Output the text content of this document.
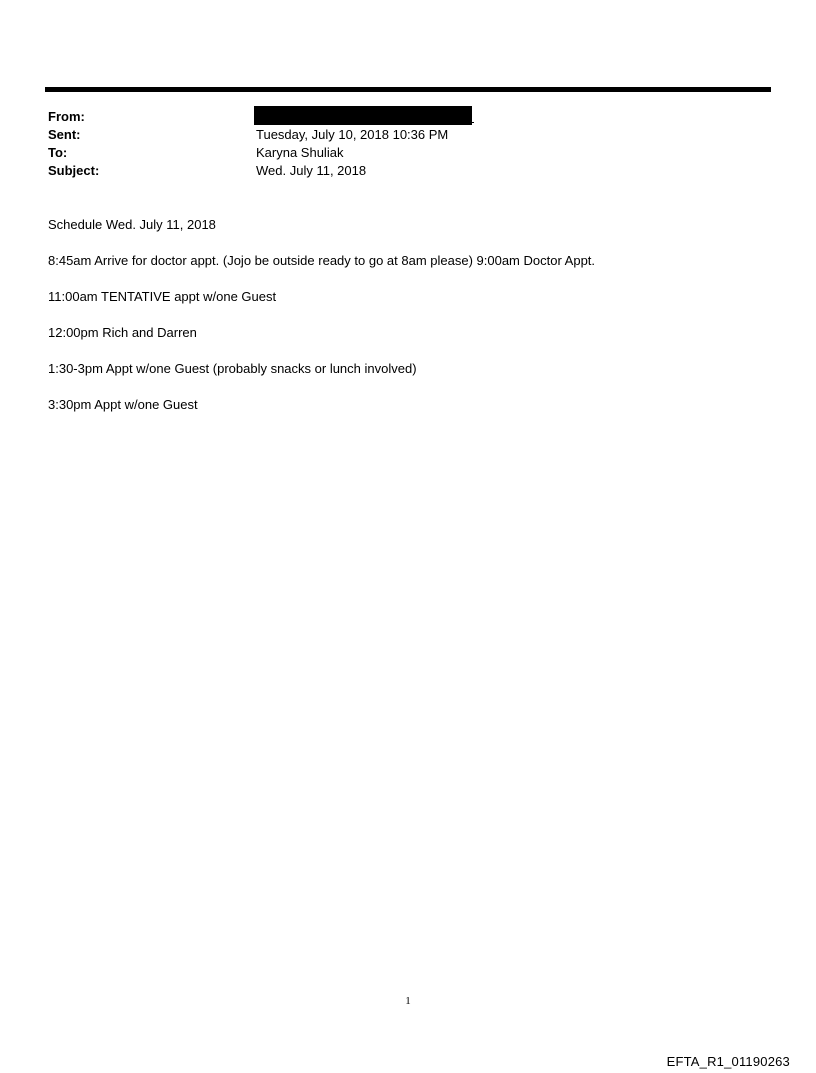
From:
Sent:	Tuesday, July 10, 2018 10:36 PM
To:	Karyna Shuliak
Subject:	Wed. July 11, 2018

Schedule Wed. July 11, 2018

8:45am Arrive for doctor appt. (Jojo be outside ready to go at 8am please) 9:00am Doctor Appt.

11:00am TENTATIVE appt w/one Guest

12:00pm Rich and Darren

1:30-3pm Appt w/one Guest (probably snacks or lunch involved)

3:30pm Appt w/one Guest

1
EFTA_R1_01190263
